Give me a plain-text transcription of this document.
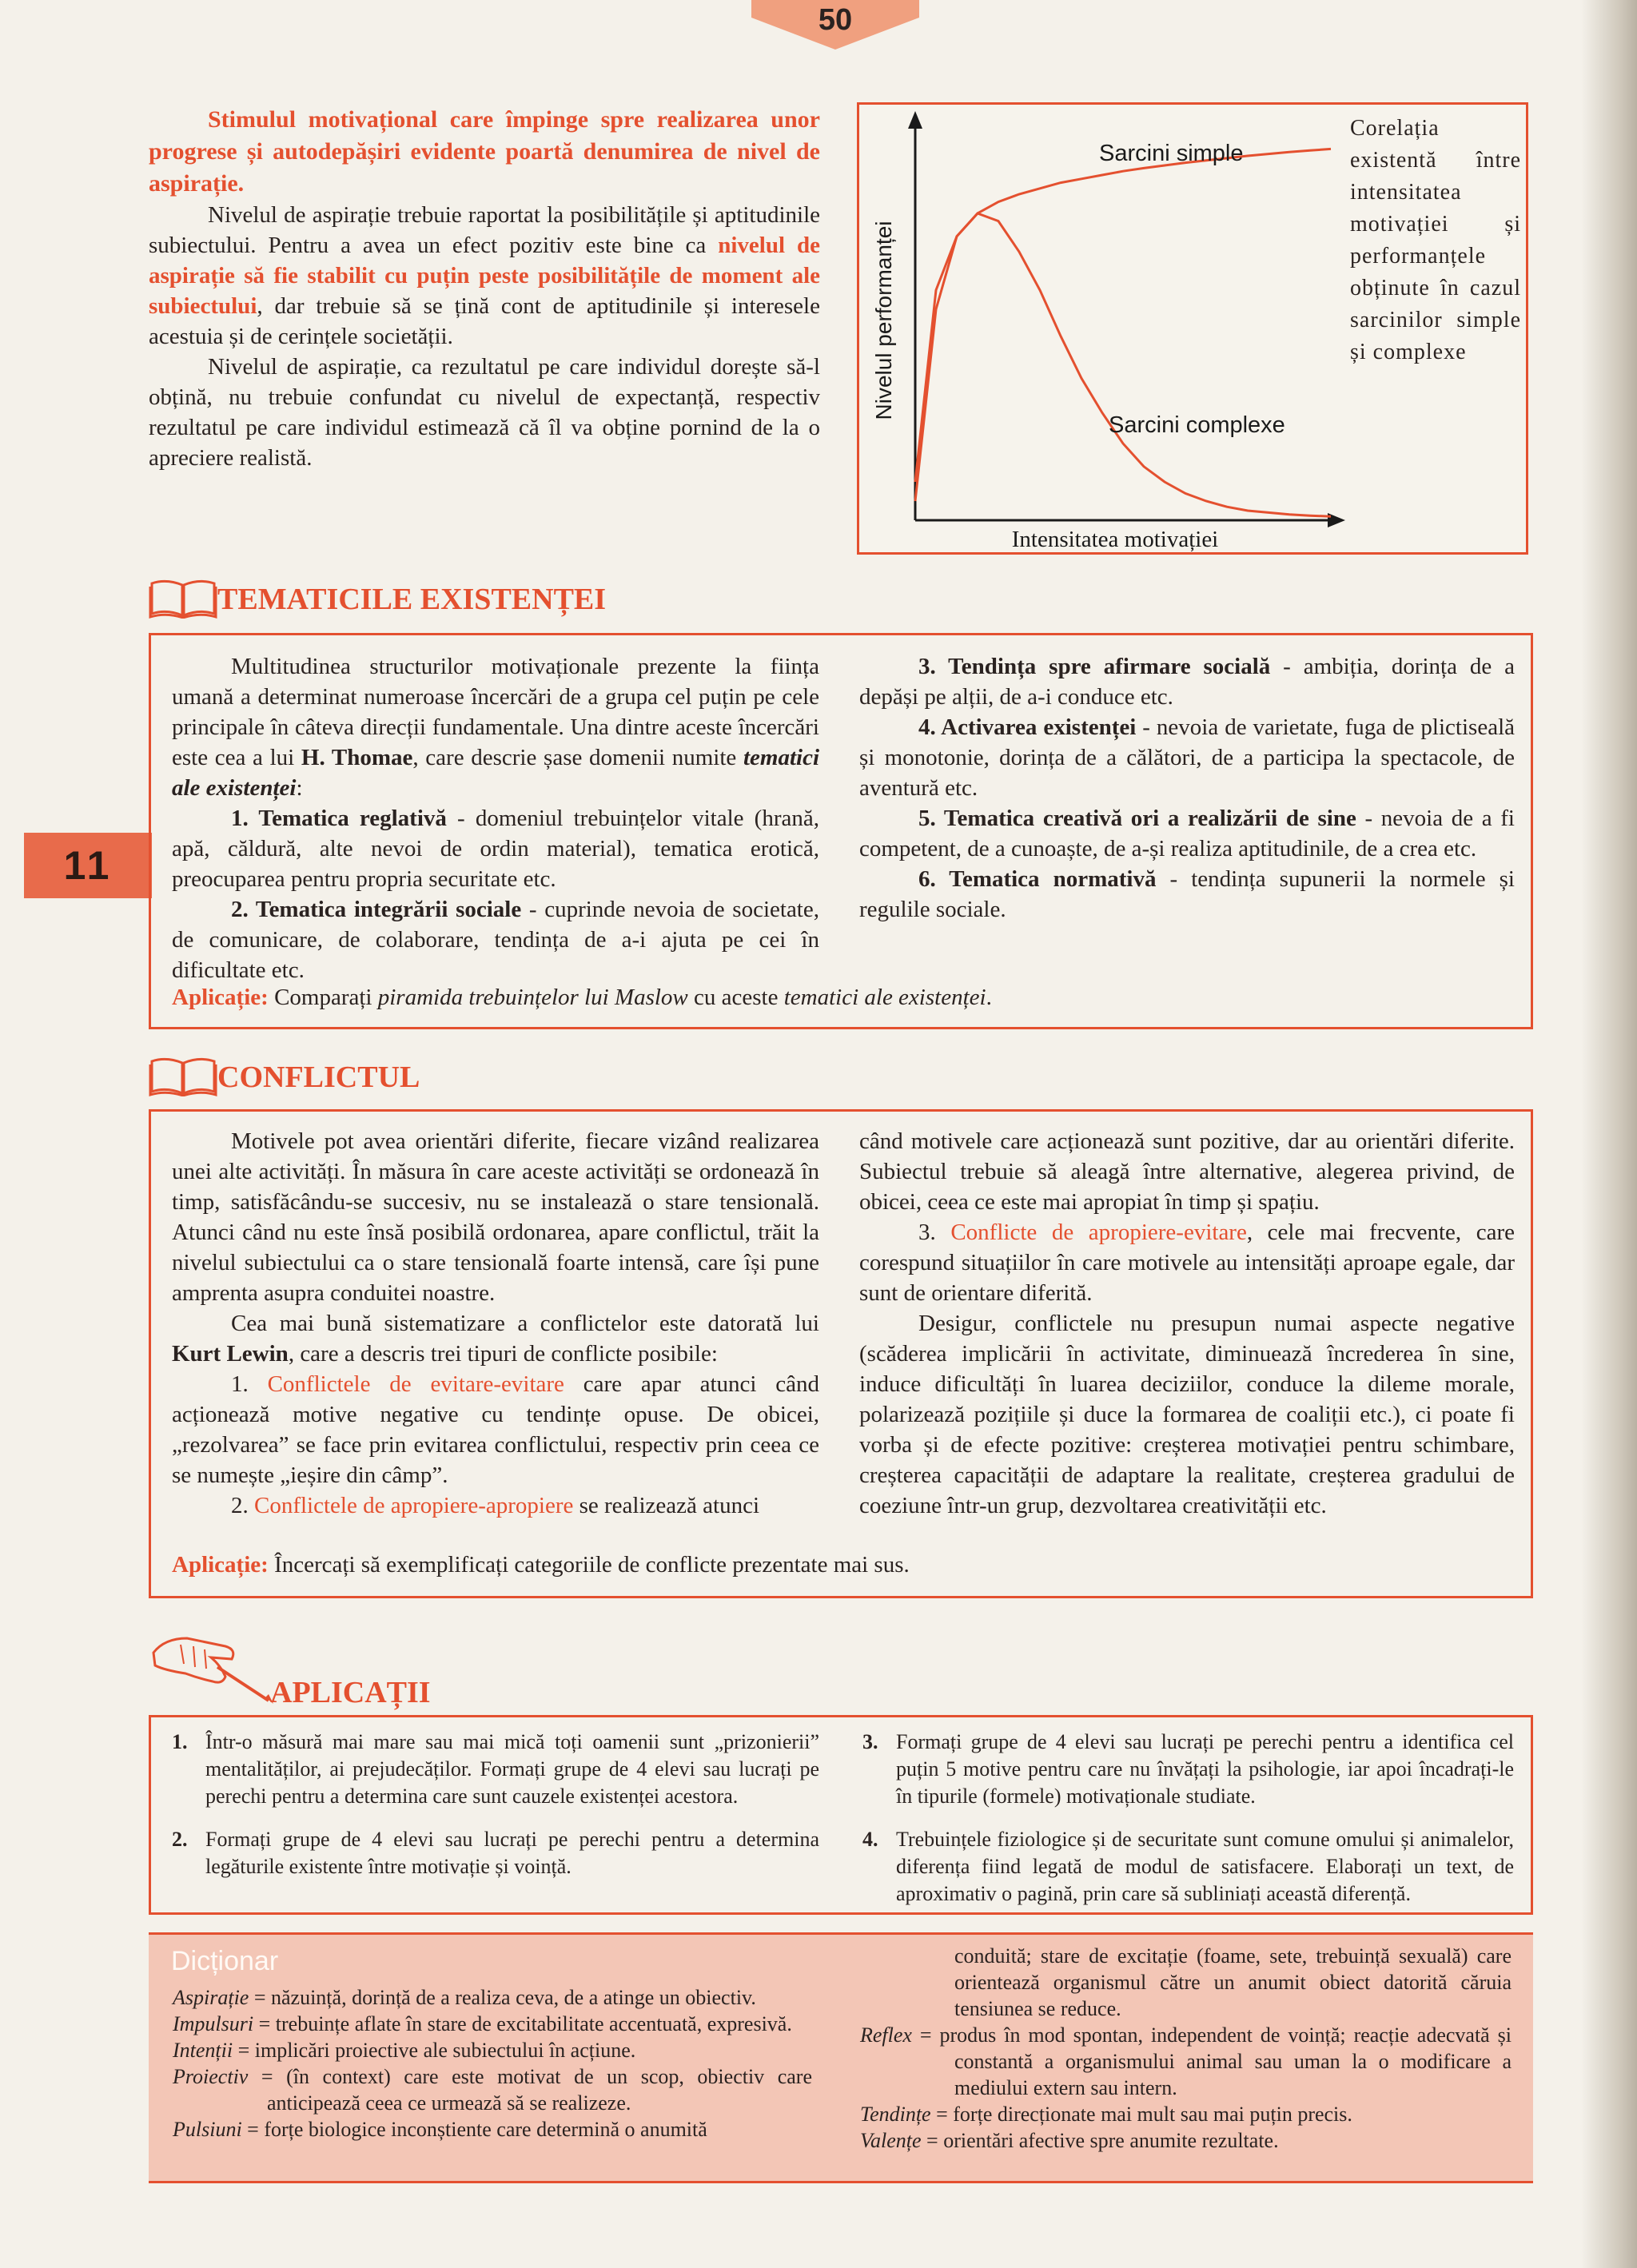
50
11

Stimulul motivațional care împinge spre realizarea unor progrese și autodepășiri evidente poartă denumirea de nivel de aspirație.

Nivelul de aspirație trebuie raportat la posibilitățile și aptitudinile subiectului. Pentru a avea un efect pozitiv este bine ca nivelul de aspirație să fie stabilit cu puțin peste posibilitățile de moment ale subiectului, dar trebuie să se țină cont de aptitudinile și interesele acestuia și de cerințele societății.

Nivelul de aspirație, ca rezultatul pe care individul dorește să-l obțină, nu trebuie confundat cu nivelul de expectanță, respectiv rezultatul pe care individul estimează că îl va obține pornind de la o apreciere realistă.

Sarcini simple
Sarcini complexe
Nivelul performanței
Intensitatea motivației
Corelația existentă între intensitatea motivației și performanțele obținute în cazul sarcinilor simple și complexe
TEMATICILE EXISTENȚEI

Multitudinea structurilor motivaționale prezente la ființa umană a determinat numeroase încercări de a grupa cel puțin pe cele principale în câteva direcții fundamentale. Una dintre aceste încercări este cea a lui H. Thomae, care descrie șase domenii numite tematici ale existenței:

1. Tematica reglativă - domeniul trebuințelor vitale (hrană, apă, căldură, alte nevoi de ordin material), tematica erotică, preocuparea pentru propria securitate etc.

2. Tematica integrării sociale - cuprinde nevoia de societate, de comunicare, de colaborare, tendința de a-i ajuta pe cei în dificultate etc.

3. Tendința spre afirmare socială - ambiția, dorința de a depăși pe alții, de a-i conduce etc.

4. Activarea existenței - nevoia de varietate, fuga de plictiseală și monotonie, dorința de a călători, de a participa la spectacole, de aventură etc.

5. Tematica creativă ori a realizării de sine - nevoia de a fi competent, de a cunoaște, de a-și realiza aptitudinile, de a crea etc.

6. Tematica normativă - tendința supunerii la normele și regulile sociale.

Aplicație: Comparați piramida trebuințelor lui Maslow cu aceste tematici ale existenței.
CONFLICTUL

Motivele pot avea orientări diferite, fiecare vizând realizarea unei alte activități. În măsura în care aceste activități se ordonează în timp, satisfăcându-se succesiv, nu se instalează o stare tensională. Atunci când nu este însă posibilă ordonarea, apare conflictul, trăit la nivelul subiectului ca o stare tensională foarte intensă, care își pune amprenta asupra conduitei noastre.

Cea mai bună sistematizare a conflictelor este datorată lui Kurt Lewin, care a descris trei tipuri de conflicte posibile:

1. Conflictele de evitare-evitare care apar atunci când acționează motive negative cu tendințe opuse. De obicei, „rezolvarea” se face prin evitarea conflictului, respectiv prin ceea ce se numește „ieșire din câmp”.

2. Conflictele de apropiere-apropiere se realizează atunci

când motivele care acționează sunt pozitive, dar au orientări diferite. Subiectul trebuie să aleagă între alternative, alegerea privind, de obicei, ceea ce este mai apropiat în timp și spațiu.

3. Conflicte de apropiere-evitare, cele mai frecvente, care corespund situațiilor în care motivele au intensități aproape egale, dar sunt de orientare diferită.

Desigur, conflictele nu presupun numai aspecte negative (scăderea implicării în activitate, diminuează încrederea în sine, induce dificultăți în luarea deciziilor, conduce la dileme morale, polarizează pozițiile și duce la formarea de coaliții etc.), ci poate fi vorba și de efecte pozitive: creșterea motivației pentru schimbare, creșterea capacității de adaptare la realitate, creșterea gradului de coeziune într-un grup, dezvoltarea creativității etc.

Aplicație: Încercați să exemplificați categoriile de conflicte prezentate mai sus.
APLICAȚII
1. Într-o măsură mai mare sau mai mică toți oamenii sunt „prizonierii” mentalităților, ai prejudecăților. Formați grupe de 4 elevi sau lucrați pe perechi pentru a determina care sunt cauzele existenței acestora.
2. Formați grupe de 4 elevi sau lucrați pe perechi pentru a determina legăturile existente între motivație și voință.
3. Formați grupe de 4 elevi sau lucrați pe perechi pentru a identifica cel puțin 5 motive pentru care nu învățați la psihologie, iar apoi încadrați-le în tipurile (formele) motivaționale studiate.
4. Trebuințele fiziologice și de securitate sunt comune omului și animalelor, diferența fiind legată de modul de satisfacere. Elaborați un text, de aproximativ o pagină, prin care să subliniați această diferență.
Dicționar

Aspirație = năzuință, dorință de a realiza ceva, de a atinge un obiectiv.

Impulsuri = trebuințe aflate în stare de excitabilitate accentuată, expresivă.

Intenții = implicări proiective ale subiectului în acțiune.

Proiectiv = (în context) care este motivat de un scop, obiectiv care anticipează ceea ce urmează să se realizeze.

Pulsiuni = forțe biologice inconștiente care determină o anumită

conduită; stare de excitație (foame, sete, trebuință sexuală) care orientează organismul către un anumit obiect datorită căruia tensiunea se reduce.

Reflex = produs în mod spontan, independent de voință; reacție adecvată și constantă a organismului animal sau uman la o modificare a mediului extern sau intern.

Tendințe = forțe direcționate mai mult sau mai puțin precis.

Valențe = orientări afective spre anumite rezultate.
